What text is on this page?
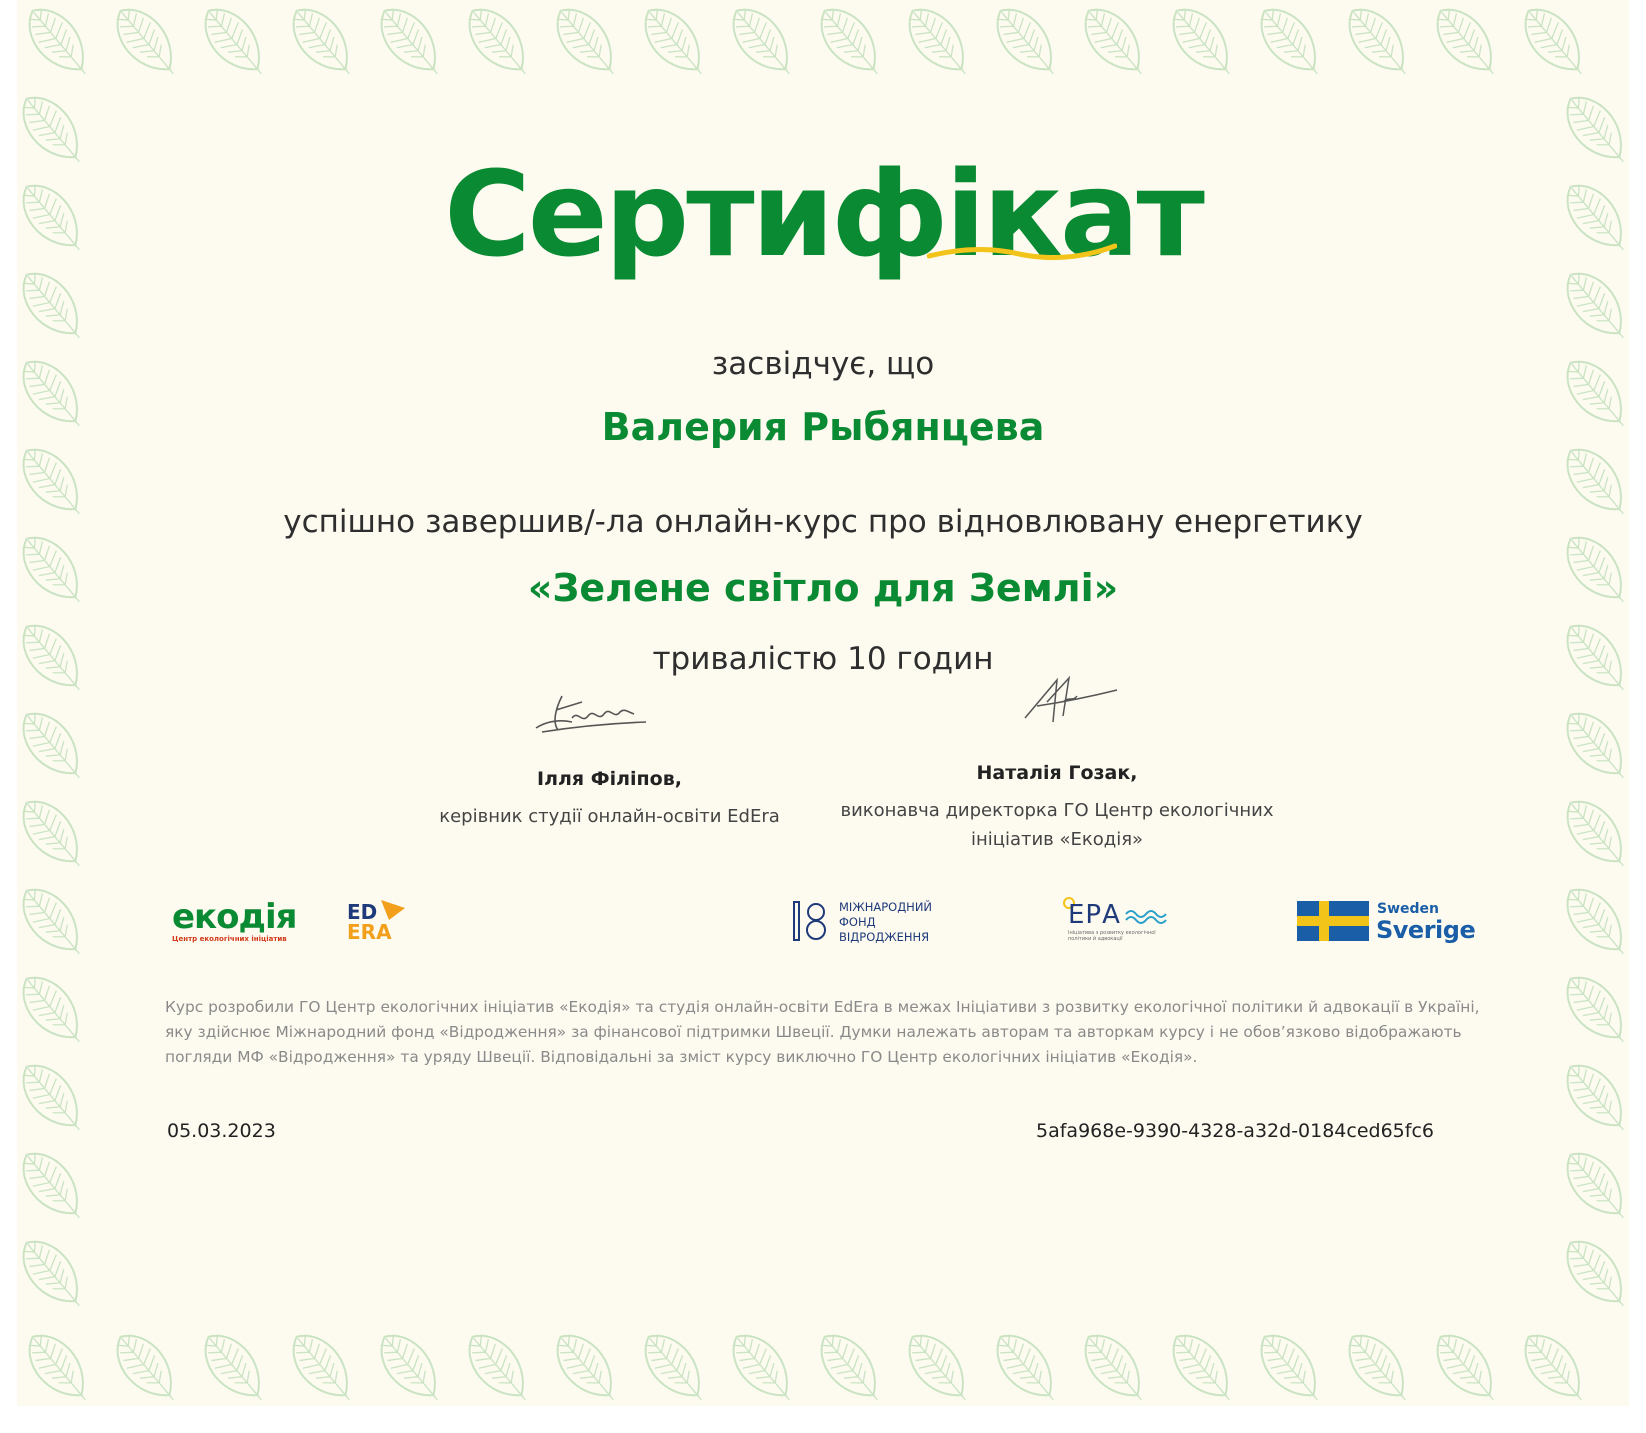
Сертифікат
засвідчує, що
Валерия Рыбянцева
успішно завершив/-ла онлайн-курс про відновлювану енергетику
«Зелене світло для Землі»
тривалістю 10 годин
Ілля Філіпов,
керівник студії онлайн-освіти EdEra
Наталія Гозак,
виконавча директорка ГО Центр екологічних ініціатив «Екодія»
екодія
Центр екологічних ініціатив
ED
ERA
МІЖНАРОДНИЙ
ФОНД
ВІДРОДЖЕННЯ
ЕРА
Ініціатива з розвитку екологічної
політики й адвокації
Sweden
Sverige
Курс розробили ГО Центр екологічних ініціатив «Екодія» та студія онлайн-освіти EdEra в межах Ініціативи з розвитку екологічної політики й адвокації в Україні, яку здійснює Міжнародний фонд «Відродження» за фінансової підтримки Швеції. Думки належать авторам та авторкам курсу і не обов’язково відображають погляди МФ «Відродження» та уряду Швеції. Відповідальні за зміст курсу виключно ГО Центр екологічних ініціатив «Екодія».
05.03.2023	5afa968e-9390-4328-a32d-0184ced65fc6
